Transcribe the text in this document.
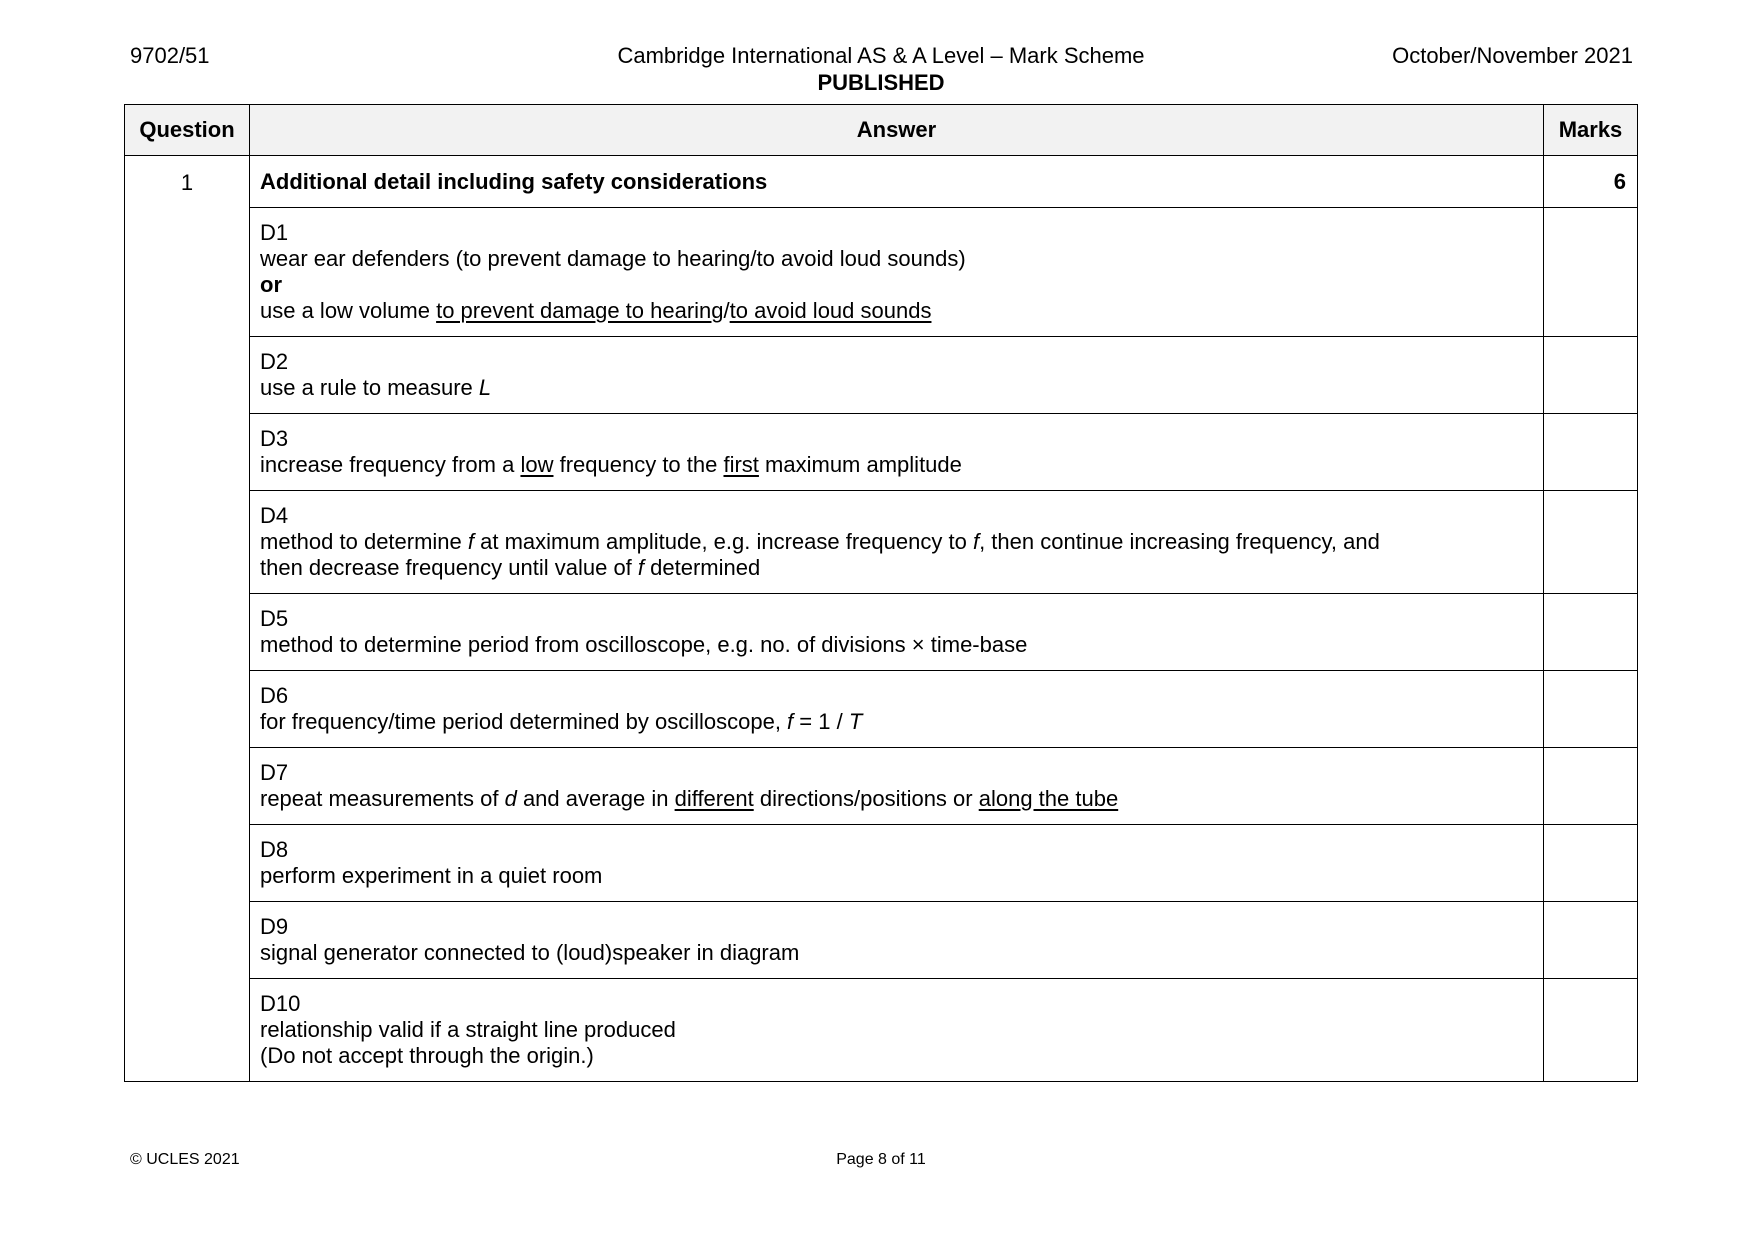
9702/51	Cambridge International AS & A Level – Mark Scheme	October/November 2021
PUBLISHED
Question	Answer	Marks
1	Additional detail including safety considerations	6
	D1wear ear defenders (to prevent damage to hearing/to avoid loud sounds)
or
use a low volume to prevent damage to hearing/to avoid loud sounds	
	D2use a rule to measure L	
	D3increase frequency from a low frequency to the first maximum amplitude	
	D4method to determine f at maximum amplitude, e.g. increase frequency to f, then continue increasing frequency, and
then decrease frequency until value of f determined	
	D5method to determine period from oscilloscope, e.g. no. of divisions × time-base	
	D6for frequency/time period determined by oscilloscope, f = 1 / T	
	D7repeat measurements of d and average in different directions/positions or along the tube	
	D8perform experiment in a quiet room	
	D9signal generator connected to (loud)speaker in diagram	
	D10relationship valid if a straight line produced
(Do not accept through the origin.)	
© UCLES 2021	Page 8 of 11
